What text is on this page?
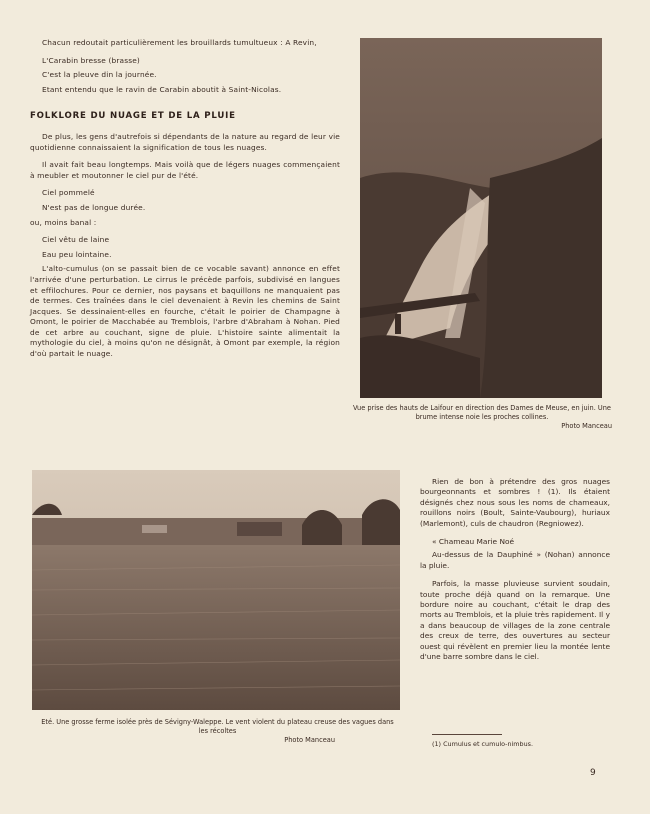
Chacun redoutait particulièrement les brouillards tumultueux : A Revin,

L'Carabin bresse (brasse)

C'est la pleuve din la journée.

Etant entendu que le ravin de Carabin aboutit à Saint-Nicolas.

FOLKLORE DU NUAGE ET DE LA PLUIE

De plus, les gens d'autrefois si dépendants de la nature au regard de leur vie quotidienne connaissaient la signification de tous les nuages.

Il avait fait beau longtemps. Mais voilà que de légers nuages commençaient à meubler et moutonner le ciel pur de l'été.

Ciel pommelé

N'est pas de longue durée.

ou, moins banal :

Ciel vêtu de laine

Eau peu lointaine.

L'alto-cumulus (on se passait bien de ce vocable savant) annonce en effet l'arrivée d'une perturbation. Le cirrus le précède parfois, subdivisé en langues et effilochures. Pour ce dernier, nos paysans et baquillons ne manquaient pas de termes. Ces traînées dans le ciel devenaient à Revin les chemins de Saint Jacques. Se dessinaient-elles en fourche, c'était le poirier de Champagne à Omont, le poirier de Macchabée au Tremblois, l'arbre d'Abraham à Nohan. Pied de cet arbre au couchant, signe de pluie. L'histoire sainte alimentait la mythologie du ciel, à moins qu'on ne désignât, à Omont par exemple, la région d'où partait le nuage.

Vue prise des hauts de Laifour en direction des Dames de Meuse, en juin. Une brume intense noie les proches collines.
Photo Manceau
Eté. Une grosse ferme isolée près de Sévigny-Waleppe. Le vent violent du plateau creuse des vagues dans les récoltes
Photo Manceau

Rien de bon à prétendre des gros nuages bourgeonnants et sombres ! (1). Ils étaient désignés chez nous sous les noms de chameaux, rouillons noirs (Boult, Sainte-Vaubourg), huriaux (Marlemont), culs de chaudron (Regniowez).

« Chameau Marie Noé

Au-dessus de la Dauphiné » (Nohan) annonce la pluie.

Parfois, la masse pluvieuse survient soudain, toute proche déjà quand on la remarque. Une bordure noire au couchant, c'était le drap des morts au Tremblois, et la pluie très rapidement. Il y a dans beaucoup de villages de la zone centrale des creux de terre, des ouvertures au secteur ouest qui révèlent en premier lieu la montée lente d'une barre sombre dans le ciel.

(1) Cumulus et cumulo-nimbus.
9
